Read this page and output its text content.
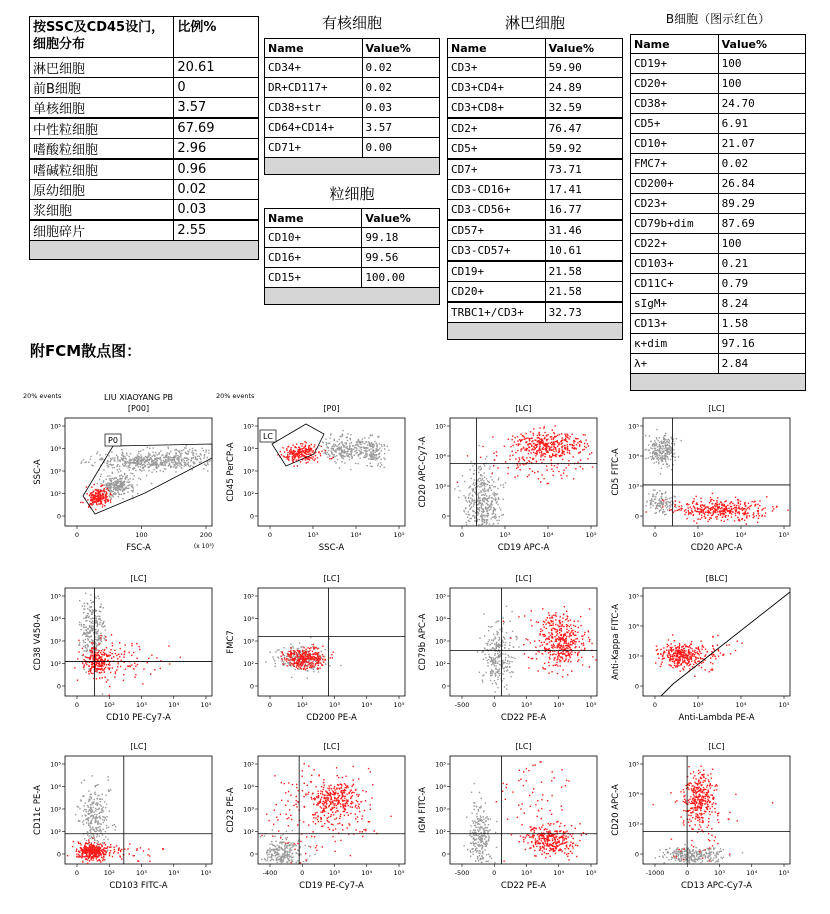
按SSC及CD45设门，细胞分布	比例%
淋巴细胞	20.61
前B细胞	0
单核细胞	3.57
中性粒细胞	67.69
嗜酸粒细胞	2.96
嗜碱粒细胞	0.96
原幼细胞	0.02
浆细胞	0.03
细胞碎片	2.55

有核细胞
Name	Value%
CD34+	0.02
DR+CD117+	0.02
CD38+str	0.03
CD64+CD14+	3.57
CD71+	0.00

粒细胞
Name	Value%
CD10+	99.18
CD16+	99.56
CD15+	100.00

淋巴细胞
Name	Value%
CD3+	59.90
CD3+CD4+	24.89
CD3+CD8+	32.59
CD2+	76.47
CD5+	59.92
CD7+	73.71
CD3-CD16+	17.41
CD3-CD56+	16.77
CD57+	31.46
CD3-CD57+	10.61
CD19+	21.58
CD20+	21.58
TRBC1+/CD3+	32.73

B细胞（图示红色）
Name	Value%
CD19+	100
CD20+	100
CD38+	24.70
CD5+	6.91
CD10+	21.07
FMC7+	0.02
CD200+	26.84
CD23+	89.29
CD79b+dim	87.69
CD22+	100
CD103+	0.21
CD11C+	0.79
sIgM+	8.24
CD13+	1.58
κ+dim	97.16
λ+	2.84

附FCM散点图：
20% events	LIU XIAOYANG PB
[P00]
P0
(x 10³)
0	100	200
0
10²
10³
10⁴
10⁵
FSC-A
SSC-A
20% events
[P0]
LC
0	10³	10⁴	10⁵
0
10²
10³
10⁴
10⁵
SSC-A
CD45 PerCP-A
[LC]
0	10³	10⁴	10⁵
0
10³
10⁴
10⁵
CD19 APC-A
CD20 APC-Cy7-A
[LC]
0	10³	10⁴	10⁵
0
10³
10⁴
10⁵
CD20 APC-A
CD5 FITC-A
[LC]
0	10²	10³	10⁴	10⁵
0
10²
10³
10⁴
10⁵
CD10 PE-Cy7-A
CD38 V450-A
[LC]
0	10²	10³	10⁴	10⁵
0
10²
10³
10⁴
10⁵
CD200 PE-A
FMC7
[LC]
-500	0	10³	10⁴	10⁵
0
10²
10³
10⁴
10⁵
CD22 PE-A
CD79b APC-A
[BLC]
0	10³	10⁴	10⁵
0
10³
10⁴
10⁵
Anti-Lambda PE-A
Anti-Kappa FITC-A
[LC]
0	10²	10³	10⁴	10⁵
0
10²
10³
10⁴
10⁵
CD103 FITC-A
CD11c PE-A
[LC]
-400	0	10³	10⁴	10⁵
0
10²
10³
10⁴
10⁵
CD19 PE-Cy7-A
CD23 PE-A
[LC]
-500	0	10³	10⁴	10⁵
0
10²
10³
10⁴
10⁵
CD22 PE-A
IGM FITC-A
[LC]
-1000	0	10³	10⁴	10⁵
0
10³
10⁴
10⁵
CD13 APC-Cy7-A
CD20 APC-A
